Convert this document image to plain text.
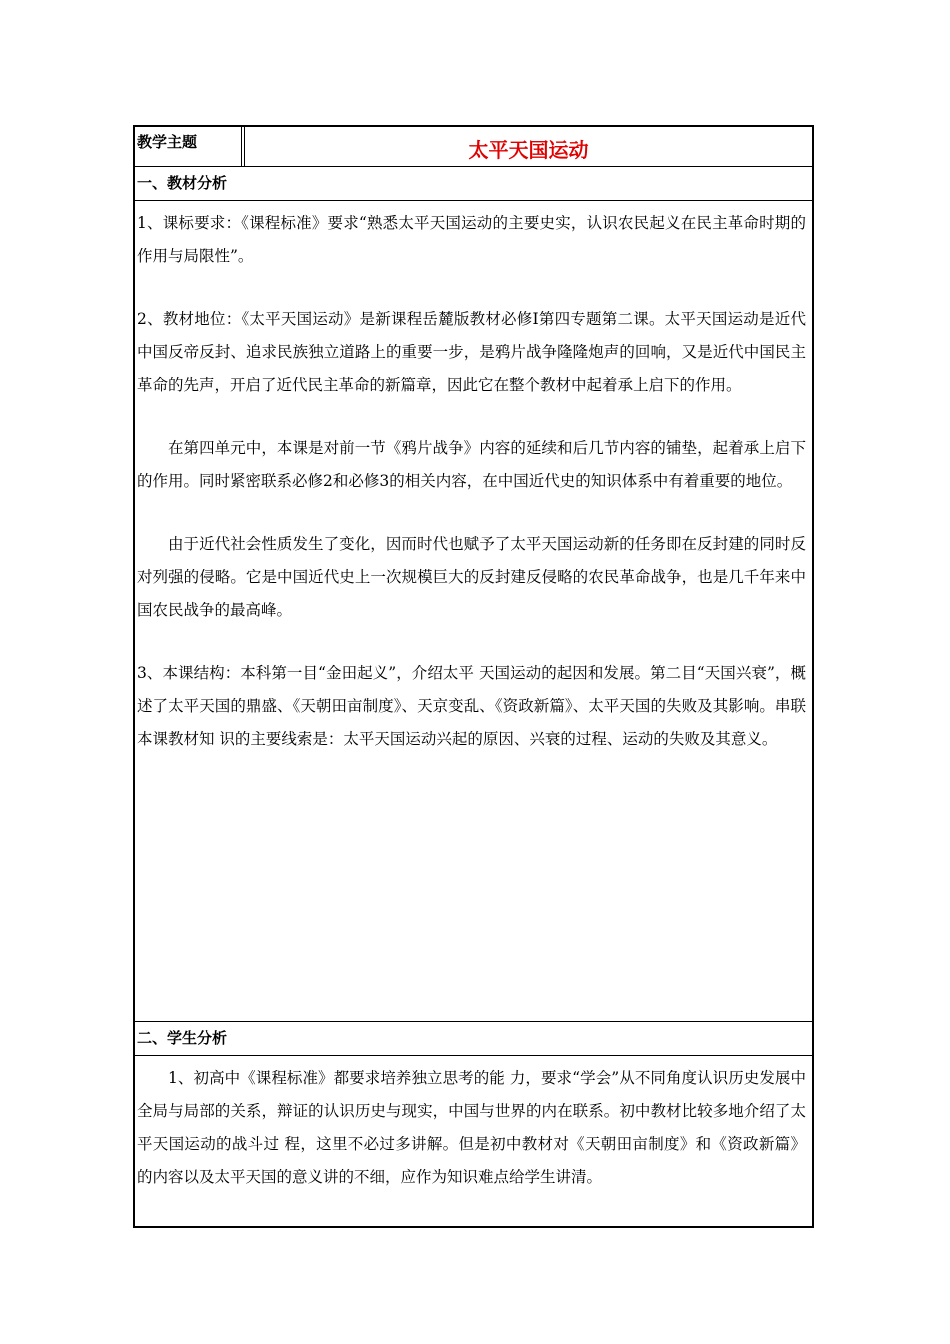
教学主题	太平天国运动
一、教材分析

1、课标要求：《课程标准》要求“熟悉太平天国运动的主要史实，认识农民起义在民主革命时期的作用与局限性”。

2、教材地位：《太平天国运动》是新课程岳麓版教材必修Ⅰ第四专题第二课。太平天国运动是近代中国反帝反封、追求民族独立道路上的重要一步，是鸦片战争隆隆炮声的回响，又是近代中国民主革命的先声，开启了近代民主革命的新篇章，因此它在整个教材中起着承上启下的作用。

在第四单元中，本课是对前一节《鸦片战争》内容的延续和后几节内容的铺垫，起着承上启下的作用。同时紧密联系必修2和必修3的相关内容，在中国近代史的知识体系中有着重要的地位。

由于近代社会性质发生了变化，因而时代也赋予了太平天国运动新的任务即在反封建的同时反对列强的侵略。它是中国近代史上一次规模巨大的反封建反侵略的农民革命战争，也是几千年来中国农民战争的最高峰。

3、本课结构：本科第一目“金田起义”，介绍太平 天国运动的起因和发展。第二目“天国兴衰”，概述了太平天国的鼎盛、《天朝田亩制度》、天京变乱、《资政新篇》、太平天国的失败及其影响。串联本课教材知 识的主要线索是：太平天国运动兴起的原因、兴衰的过程、运动的失败及其意义。

二、学生分析

1、初高中《课程标准》都要求培养独立思考的能 力，要求“学会”从不同角度认识历史发展中全局与局部的关系，辩证的认识历史与现实，中国与世界的内在联系。初中教材比较多地介绍了太平天国运动的战斗过 程，这里不必过多讲解。但是初中教材对《天朝田亩制度》和《资政新篇》的内容以及太平天国的意义讲的不细，应作为知识难点给学生讲清。
